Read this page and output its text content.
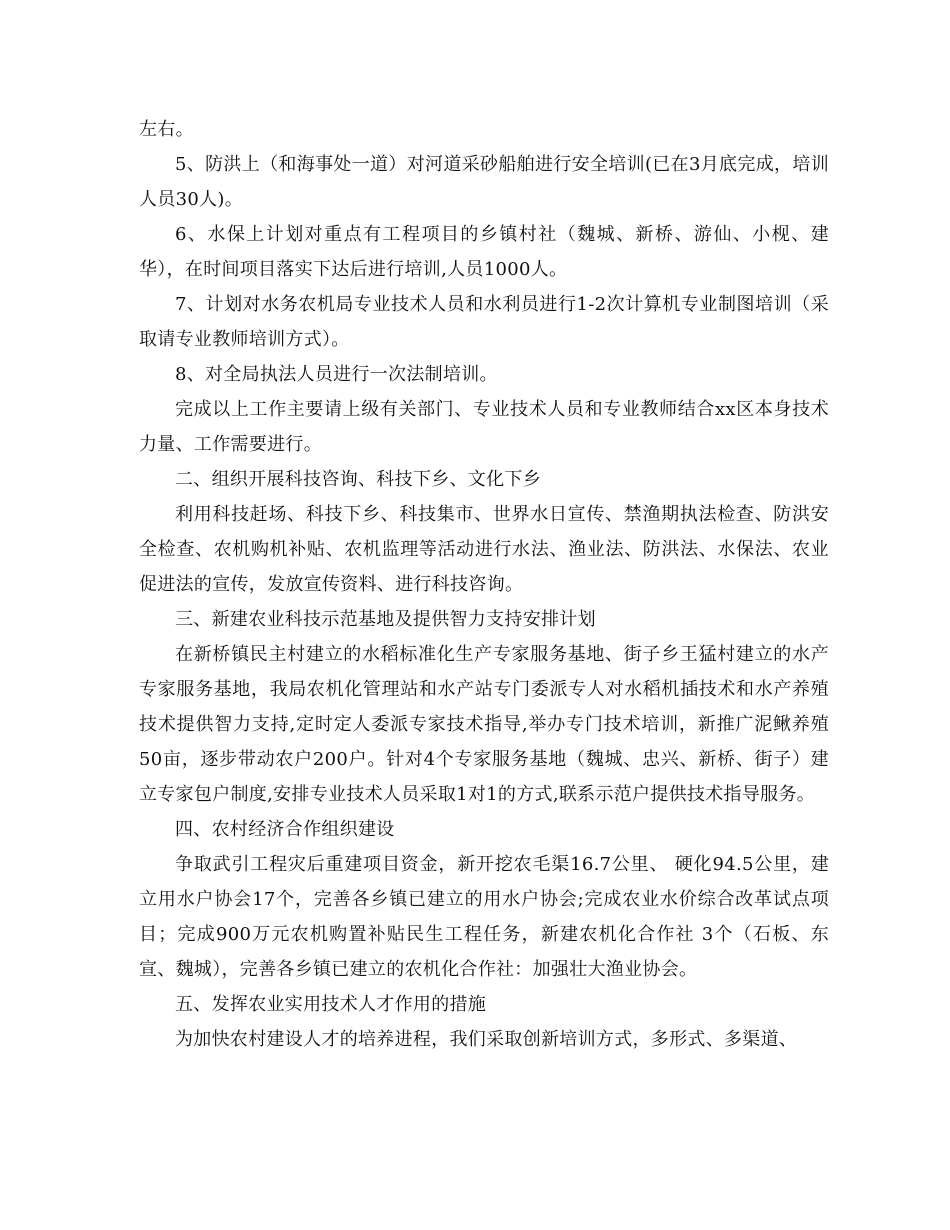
左右。

5、防洪上（和海事处一道）对河道采砂船舶进行安全培训(已在3月底完成，培训人员30人)。

6、水保上计划对重点有工程项目的乡镇村社（魏城、新桥、游仙、小枧、建华），在时间项目落实下达后进行培训,人员1000人。

7、计划对水务农机局专业技术人员和水利员进行1-2次计算机专业制图培训（采取请专业教师培训方式）。

8、对全局执法人员进行一次法制培训。

完成以上工作主要请上级有关部门、专业技术人员和专业教师结合xx区本身技术力量、工作需要进行。

二、组织开展科技咨询、科技下乡、文化下乡

利用科技赶场、科技下乡、科技集市、世界水日宣传、禁渔期执法检查、防洪安全检查、农机购机补贴、农机监理等活动进行水法、渔业法、防洪法、水保法、农业促进法的宣传，发放宣传资料、进行科技咨询。

三、新建农业科技示范基地及提供智力支持安排计划

在新桥镇民主村建立的水稻标准化生产专家服务基地、街子乡王猛村建立的水产专家服务基地，我局农机化管理站和水产站专门委派专人对水稻机插技术和水产养殖技术提供智力支持,定时定人委派专家技术指导,举办专门技术培训，新推广泥鳅养殖50亩，逐步带动农户200户。针对4个专家服务基地（魏城、忠兴、新桥、街子）建立专家包户制度,安排专业技术人员采取1对1的方式,联系示范户提供技术指导服务。

四、农村经济合作组织建设

争取武引工程灾后重建项目资金，新开挖农毛渠16.7公里、 硬化94.5公里，建立用水户协会17个，完善各乡镇已建立的用水户协会;完成农业水价综合改革试点项目；完成900万元农机购置补贴民生工程任务，新建农机化合作社 3个（石板、东宣、魏城），完善各乡镇已建立的农机化合作社：加强壮大渔业协会。

五、发挥农业实用技术人才作用的措施

为加快农村建设人才的培养进程，我们采取创新培训方式，多形式、多渠道、
